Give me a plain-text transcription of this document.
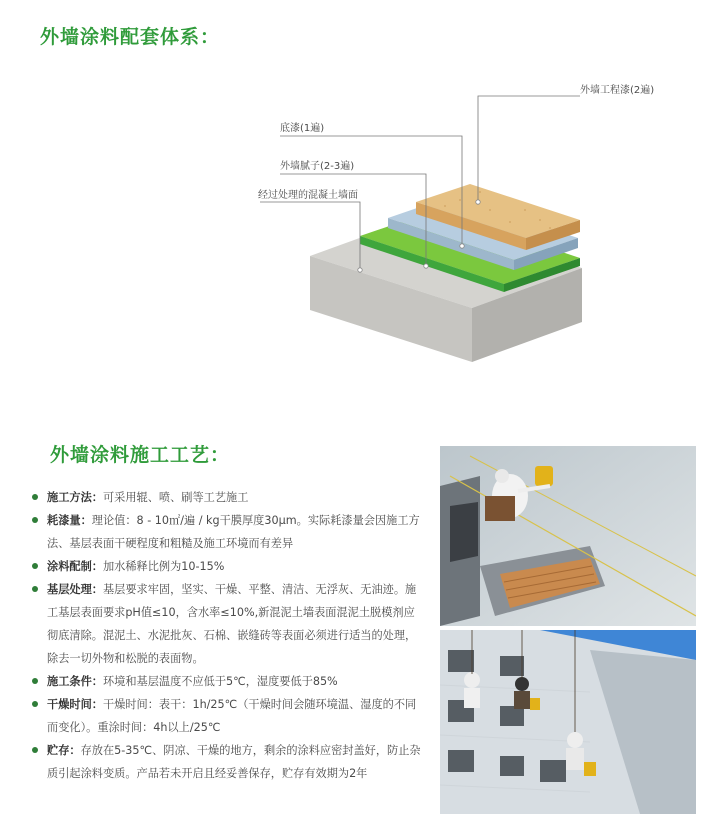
外墙涂料配套体系：
外墙工程漆(2遍)
底漆(1遍)
外墙腻子(2-3遍)
经过处理的混凝土墙面
外墙涂料施工工艺：
施工方法：可采用辊、喷、刷等工艺施工
耗漆量：理论值：8 - 10㎡/遍 / kg干膜厚度30μm。实际耗漆量会因施工方法、基层表面干硬程度和粗糙及施工环境而有差异
涂料配制：加水稀释比例为10-15%
基层处理：基层要求牢固，坚实、干燥、平整、清洁、无浮灰、无油迹。施工基层表面要求pH值≤10，含水率≤10%,新混泥土墙表面混泥土脱模剂应彻底清除。混泥土、水泥批灰、石棉、嵌缝砖等表面必须进行适当的处理，除去一切外物和松脱的表面物。
施工条件：环境和基层温度不应低于5℃，湿度要低于85%
干燥时间：干燥时间：表干：1h/25℃（干燥时间会随环境温、湿度的不同而变化）。重涂时间：4h以上/25℃
贮存：存放在5-35℃、阴凉、干燥的地方，剩余的涂料应密封盖好，防止杂质引起涂料变质。产品若未开启且经妥善保存，贮存有效期为2年
